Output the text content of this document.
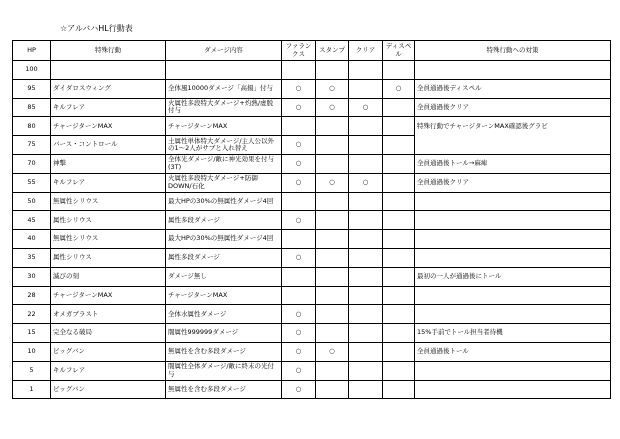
☆アルバハHL行動表
HP	特殊行動	ダメージ内容	ファランクス	スタンプ	クリア	ディスペル	特殊行動への対策
100							
95	ダイダロスウィング	全体風10000ダメージ「高揚」付与	○	○		○	全員通過後ディスペル
85	キルフレア	火属性多段特大ダメージ+灼熱/虚脱付与	○	○	○		全員通過後クリア
80	チャージターンMAX	チャージターンMAX					特殊行動でチャージターンMAX確認後グラビ
75	バース・コントロール	土属性単体特大ダメージ/主人公以外の1～2人がサブと入れ替え	○				
70	神撃	全体光ダメージ/敵に神光効果を付与(3T)	○				全員通過後トール→麻痺
55	キルフレア	火属性多段特大ダメージ+防御DOWN/石化	○	○	○		全員通過後クリア
50	無属性シリウス	最大HPの30%の無属性ダメージ4回					
45	属性シリウス	属性多段ダメージ	○				
40	無属性シリウス	最大HPの30%の無属性ダメージ4回					
35	属性シリウス	属性多段ダメージ	○				
30	滅びの刻	ダメージ無し					最初の一人が通過後にトール
28	チャージターンMAX	チャージターンMAX					
22	オメガブラスト	全体水属性ダメージ	○				
15	完全なる破局	闇属性999999ダメージ	○				15%手前でトール担当者待機
10	ビッグバン	無属性を含む多段ダメージ	○	○			全員通過後トール
5	キルフレア	闇属性全体ダメージ/敵に終末の光付与	○				
1	ビッグバン	無属性を含む多段ダメージ	○				
